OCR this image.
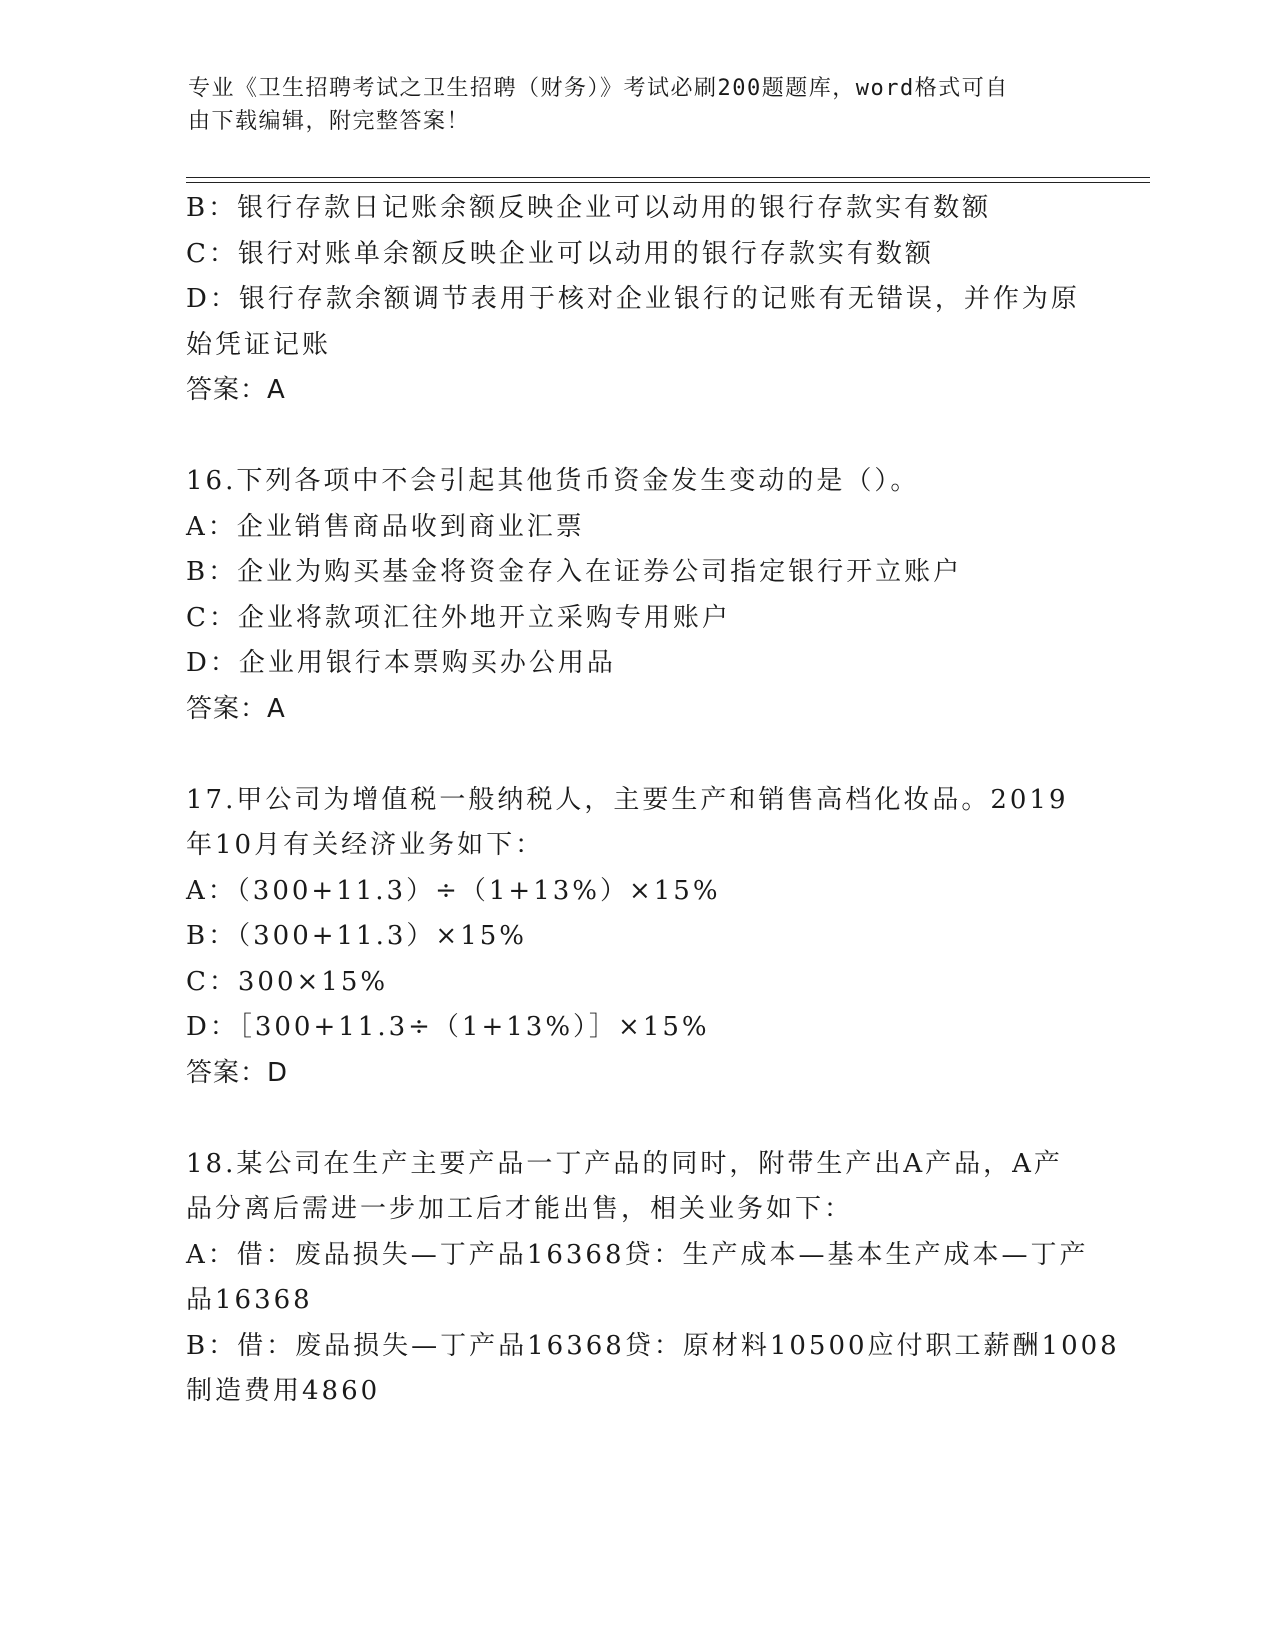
专业《卫生招聘考试之卫生招聘（财务）》考试必刷200题题库，word格式可自
由下载编辑，附完整答案！
B：银行存款日记账余额反映企业可以动用的银行存款实有数额
C：银行对账单余额反映企业可以动用的银行存款实有数额
D：银行存款余额调节表用于核对企业银行的记账有无错误，并作为原
始凭证记账
答案：A
16.下列各项中不会引起其他货币资金发生变动的是（）。
A：企业销售商品收到商业汇票
B：企业为购买基金将资金存入在证券公司指定银行开立账户
C：企业将款项汇往外地开立采购专用账户
D：企业用银行本票购买办公用品
答案：A
17.甲公司为增值税一般纳税人，主要生产和销售高档化妆品。2019
年10月有关经济业务如下：
A：（300+11.3）÷（1+13%）×15%
B：（300+11.3）×15%
C：300×15%
D：［300+11.3÷（1+13%）］×15%
答案：D
18.某公司在生产主要产品一丁产品的同时，附带生产出A产品，A产
品分离后需进一步加工后才能出售，相关业务如下：
A：借：废品损失—丁产品16368贷：生产成本—基本生产成本—丁产
品16368
B：借：废品损失—丁产品16368贷：原材料10500应付职工薪酬1008
制造费用4860
